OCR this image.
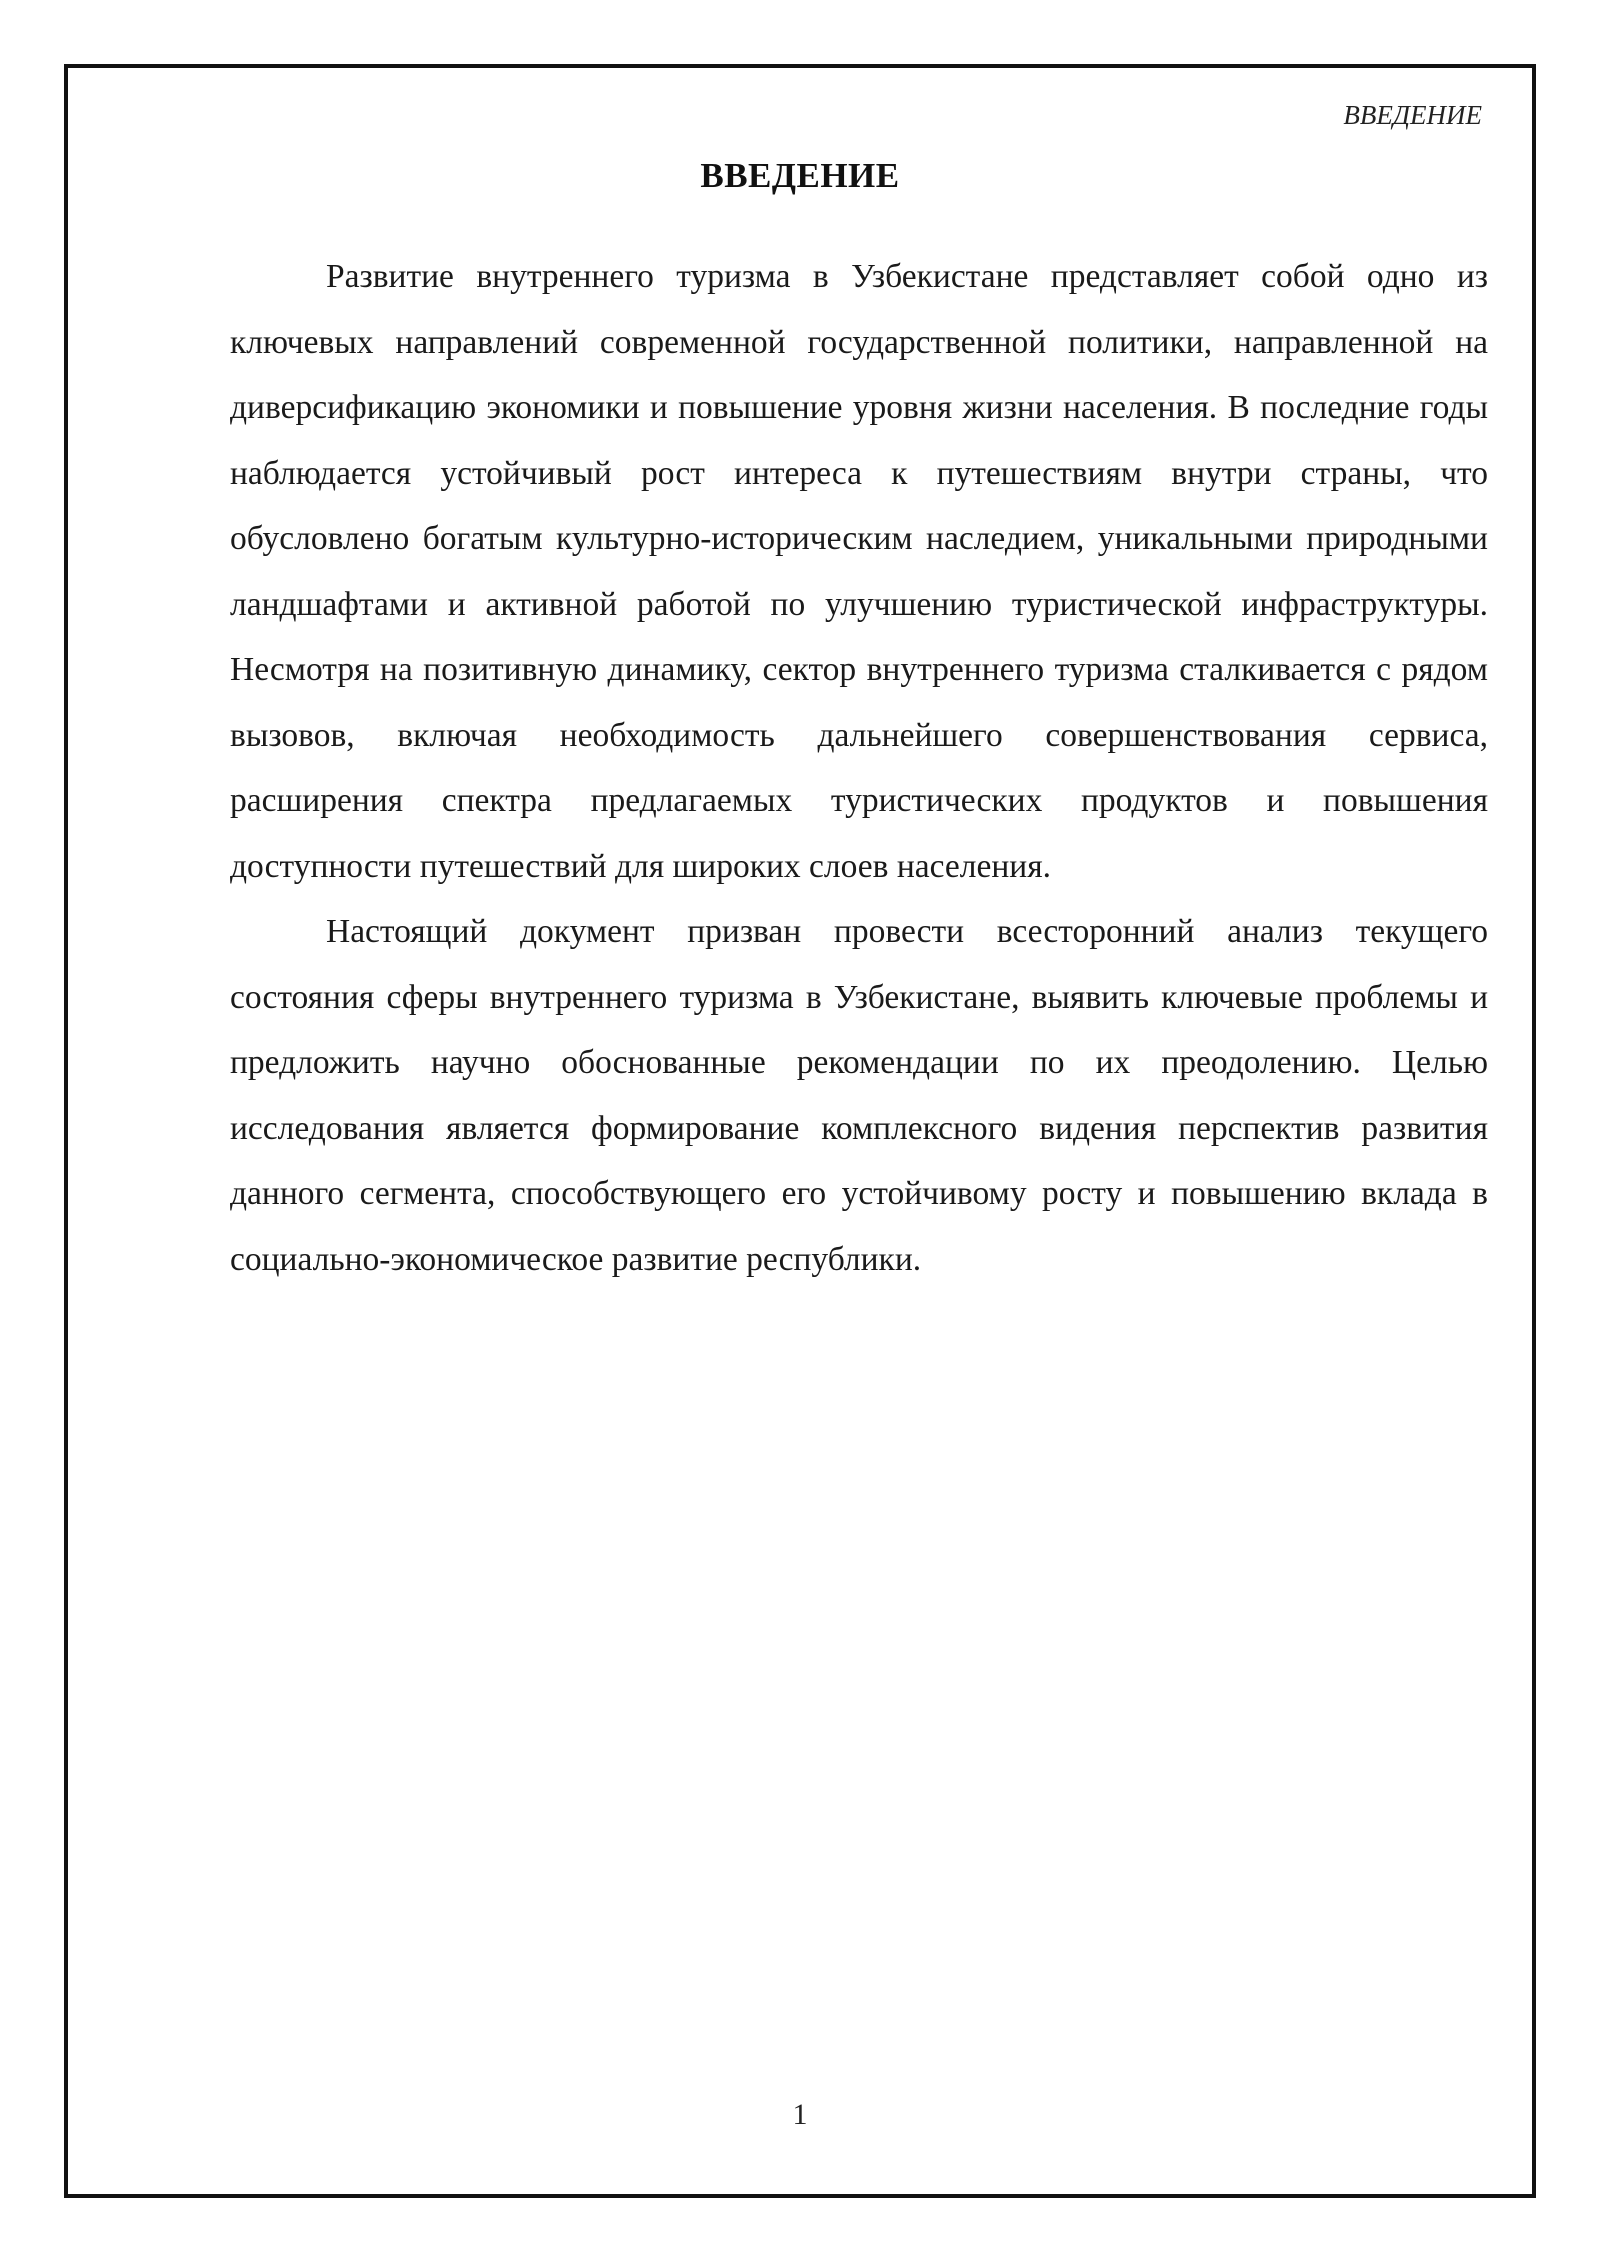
ВВЕДЕНИЕ
ВВЕДЕНИЕ

Развитие внутреннего туризма в Узбекистане представляет собой одно из ключевых направлений современной государственной политики, направленной на диверсификацию экономики и повышение уровня жизни населения. В последние годы наблюдается устойчивый рост интереса к путешествиям внутри страны, что обусловлено богатым культурно-историческим наследием, уникальными природными ландшафтами и активной работой по улучшению туристической инфраструктуры. Несмотря на позитивную динамику, сектор внутреннего туризма сталкивается с рядом вызовов, включая необходимость дальнейшего совершенствования сервиса, расширения спектра предлагаемых туристических продуктов и повышения доступности путешествий для широких слоев населения.

Настоящий документ призван провести всесторонний анализ текущего состояния сферы внутреннего туризма в Узбекистане, выявить ключевые проблемы и предложить научно обоснованные рекомендации по их преодолению. Целью исследования является формирование комплексного видения перспектив развития данного сегмента, способствующего его устойчивому росту и повышению вклада в социально-экономическое развитие республики.

1
